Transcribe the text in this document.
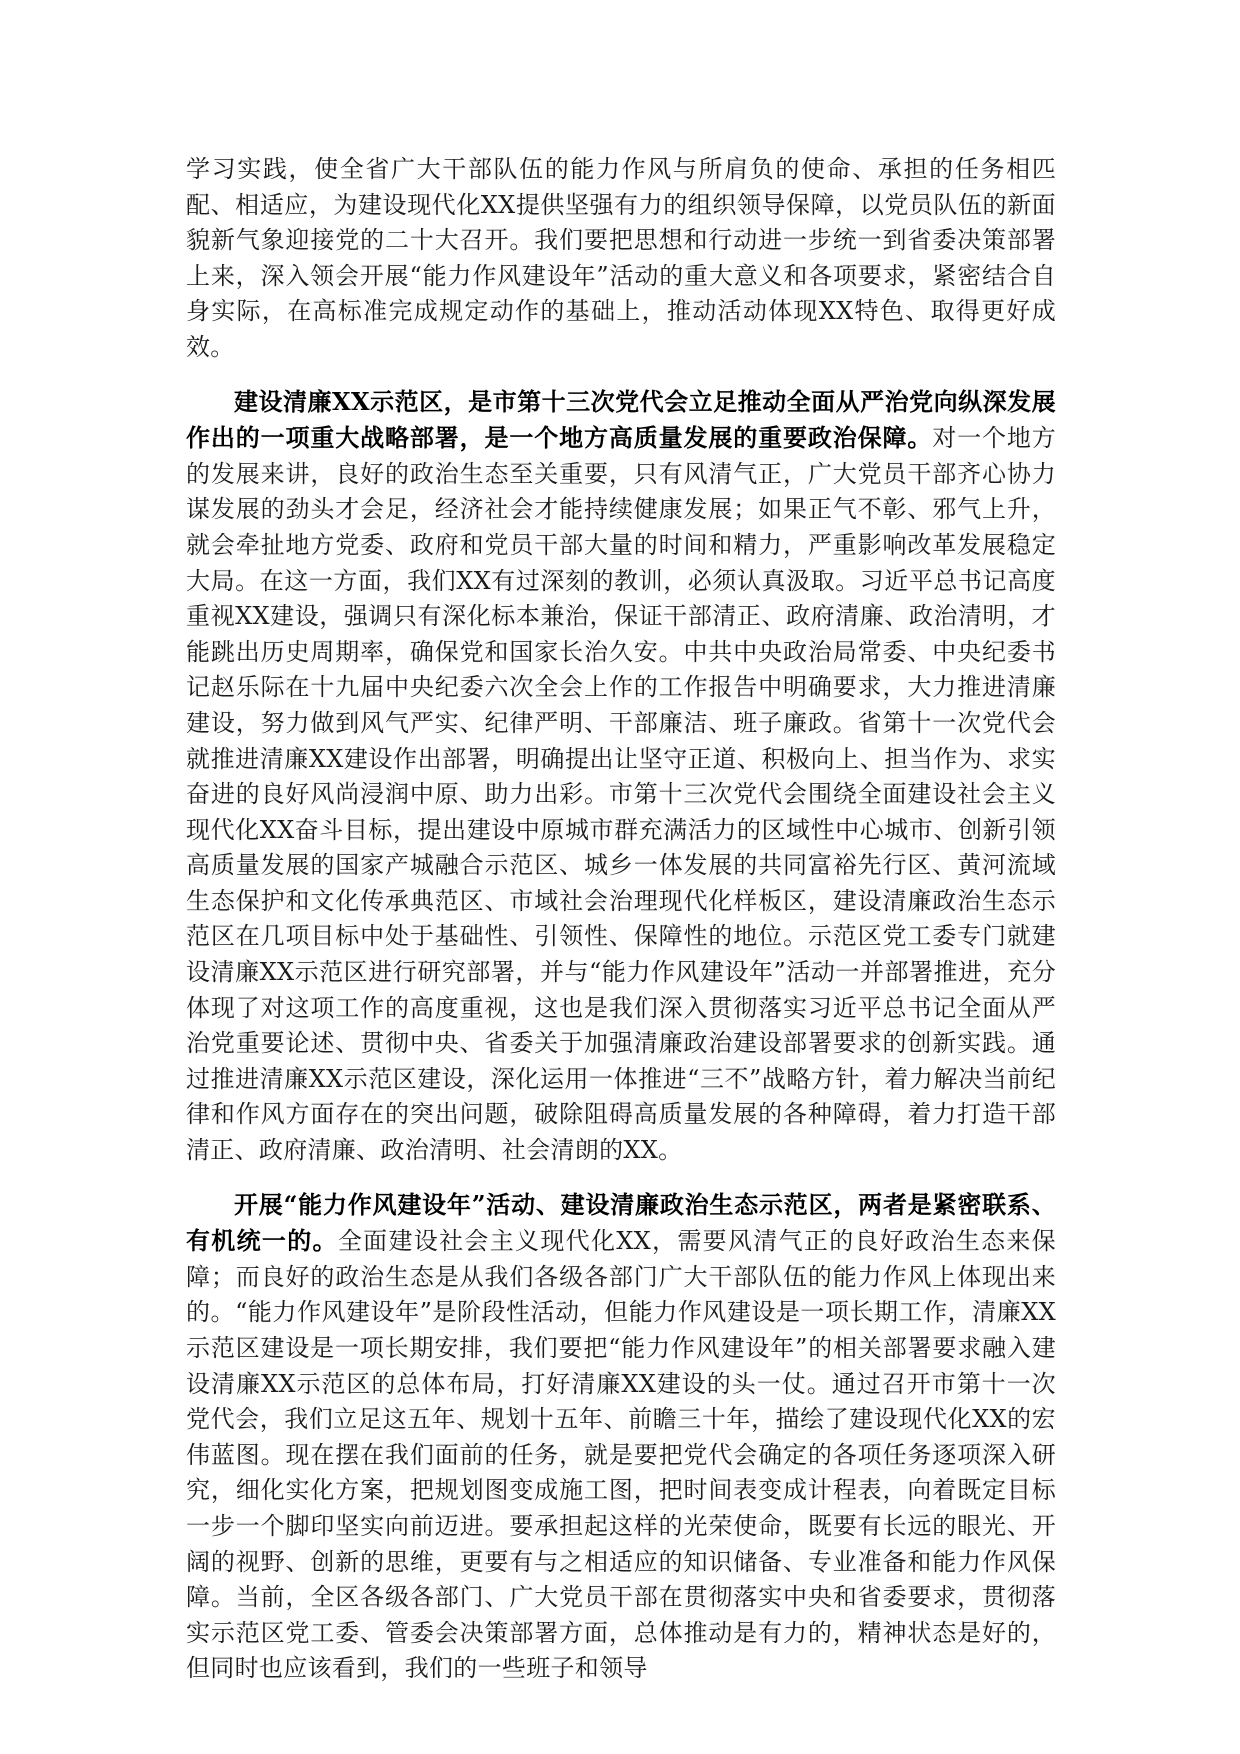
学习实践，使全省广大干部队伍的能力作风与所肩负的使命、承担的任务相匹配、相适应，为建设现代化XX提供坚强有力的组织领导保障，以党员队伍的新面貌新气象迎接党的二十大召开。我们要把思想和行动进一步统一到省委决策部署上来，深入领会开展“能力作风建设年”活动的重大意义和各项要求，紧密结合自身实际，在高标准完成规定动作的基础上，推动活动体现XX特色、取得更好成效。

建设清廉XX示范区，是市第十三次党代会立足推动全面从严治党向纵深发展作出的一项重大战略部署，是一个地方高质量发展的重要政治保障。对一个地方的发展来讲，良好的政治生态至关重要，只有风清气正，广大党员干部齐心协力谋发展的劲头才会足，经济社会才能持续健康发展；如果正气不彰、邪气上升，就会牵扯地方党委、政府和党员干部大量的时间和精力，严重影响改革发展稳定大局。在这一方面，我们XX有过深刻的教训，必须认真汲取。习近平总书记高度重视XX建设，强调只有深化标本兼治，保证干部清正、政府清廉、政治清明，才能跳出历史周期率，确保党和国家长治久安。中共中央政治局常委、中央纪委书记赵乐际在十九届中央纪委六次全会上作的工作报告中明确要求，大力推进清廉建设，努力做到风气严实、纪律严明、干部廉洁、班子廉政。省第十一次党代会就推进清廉XX建设作出部署，明确提出让坚守正道、积极向上、担当作为、求实奋进的良好风尚浸润中原、助力出彩。市第十三次党代会围绕全面建设社会主义现代化XX奋斗目标，提出建设中原城市群充满活力的区域性中心城市、创新引领高质量发展的国家产城融合示范区、城乡一体发展的共同富裕先行区、黄河流域生态保护和文化传承典范区、市域社会治理现代化样板区，建设清廉政治生态示范区在几项目标中处于基础性、引领性、保障性的地位。示范区党工委专门就建设清廉XX示范区进行研究部署，并与“能力作风建设年”活动一并部署推进，充分体现了对这项工作的高度重视，这也是我们深入贯彻落实习近平总书记全面从严治党重要论述、贯彻中央、省委关于加强清廉政治建设部署要求的创新实践。通过推进清廉XX示范区建设，深化运用一体推进“三不”战略方针，着力解决当前纪律和作风方面存在的突出问题，破除阻碍高质量发展的各种障碍，着力打造干部清正、政府清廉、政治清明、社会清朗的XX。

开展“能力作风建设年”活动、建设清廉政治生态示范区，两者是紧密联系、有机统一的。全面建设社会主义现代化XX，需要风清气正的良好政治生态来保障；而良好的政治生态是从我们各级各部门广大干部队伍的能力作风上体现出来的。“能力作风建设年”是阶段性活动，但能力作风建设是一项长期工作，清廉XX示范区建设是一项长期安排，我们要把“能力作风建设年”的相关部署要求融入建设清廉XX示范区的总体布局，打好清廉XX建设的头一仗。通过召开市第十一次党代会，我们立足这五年、规划十五年、前瞻三十年，描绘了建设现代化XX的宏伟蓝图。现在摆在我们面前的任务，就是要把党代会确定的各项任务逐项深入研究，细化实化方案，把规划图变成施工图，把时间表变成计程表，向着既定目标一步一个脚印坚实向前迈进。要承担起这样的光荣使命，既要有长远的眼光、开阔的视野、创新的思维，更要有与之相适应的知识储备、专业准备和能力作风保障。当前，全区各级各部门、广大党员干部在贯彻落实中央和省委要求，贯彻落实示范区党工委、管委会决策部署方面，总体推动是有力的，精神状态是好的，但同时也应该看到，我们的一些班子和领导
